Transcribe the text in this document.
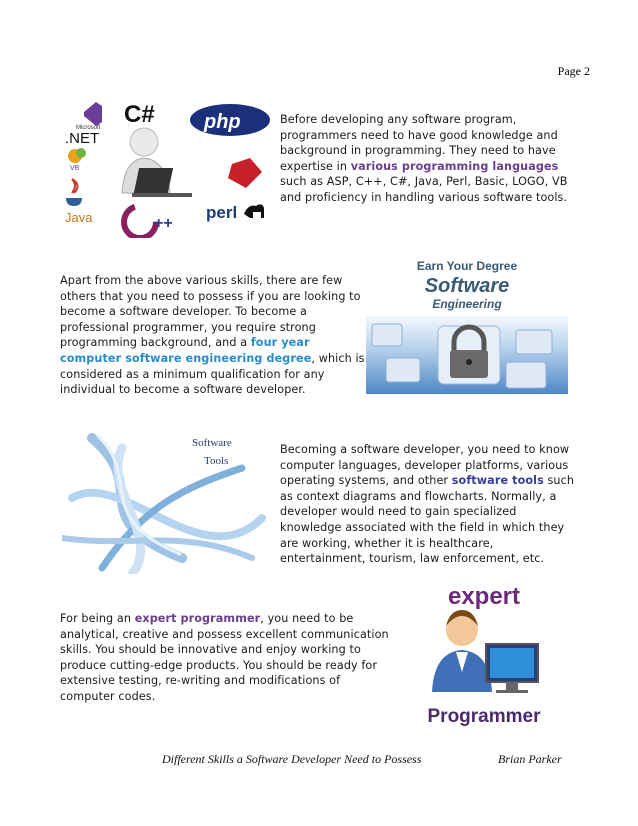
Page 2
Microsoft
.NET
C# php
VB
Java	++
perl

Before developing any software program, programmers need to have good knowledge and background in programming. They need to have expertise in various programming languages such as ASP, C++, C#, Java, Perl, Basic, LOGO, VB and proficiency in handling various software tools.

Apart from the above various skills, there are few others that you need to possess if you are looking to become a software developer. To become a professional programmer, you require strong programming background, and a four year computer software engineering degree, which is considered as a minimum qualification for any individual to become a software developer.

Earn Your Degree
Software
Engineering
Software
Tools

Becoming a software developer, you need to know computer languages, developer platforms, various operating systems, and other software tools such as context diagrams and flowcharts. Normally, a developer would need to gain specialized knowledge associated with the field in which they are working, whether it is healthcare, entertainment, tourism, law enforcement, etc.

For being an expert programmer, you need to be analytical, creative and possess excellent communication skills. You should be innovative and enjoy working to produce cutting-edge products. You should be ready for extensive testing, re-writing and modifications of computer codes.

expert
Programmer
Different Skills a Software Developer Need to Possess	Brian Parker
